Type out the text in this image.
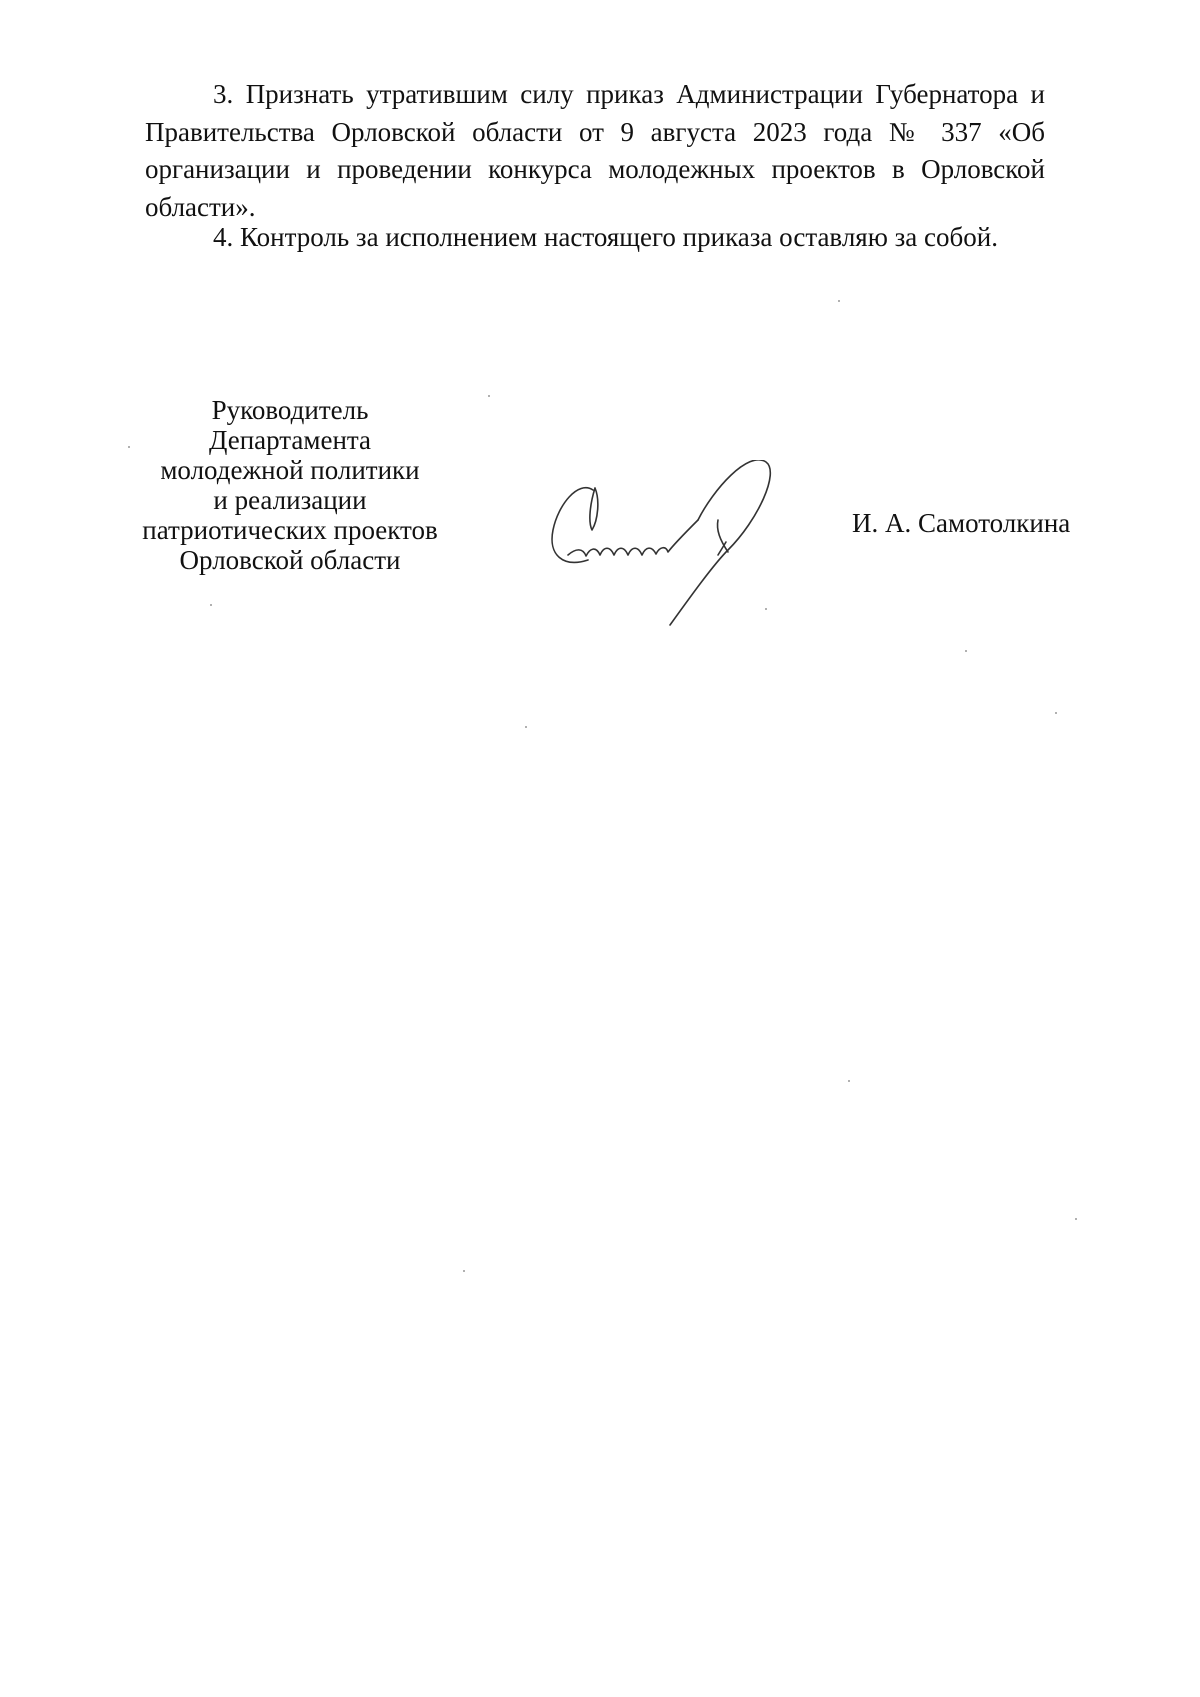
3. Признать утратившим силу приказ Администрации Губернатора и Правительства Орловской области от 9 августа 2023 года № 337 «Об организации и проведении конкурса молодежных проектов в Орловской области».

4. Контроль за исполнением настоящего приказа оставляю за собой.

Руководитель
Департамента
молодежной политики
и реализации
патриотических проектов
Орловской области
И. А. Самотолкина
